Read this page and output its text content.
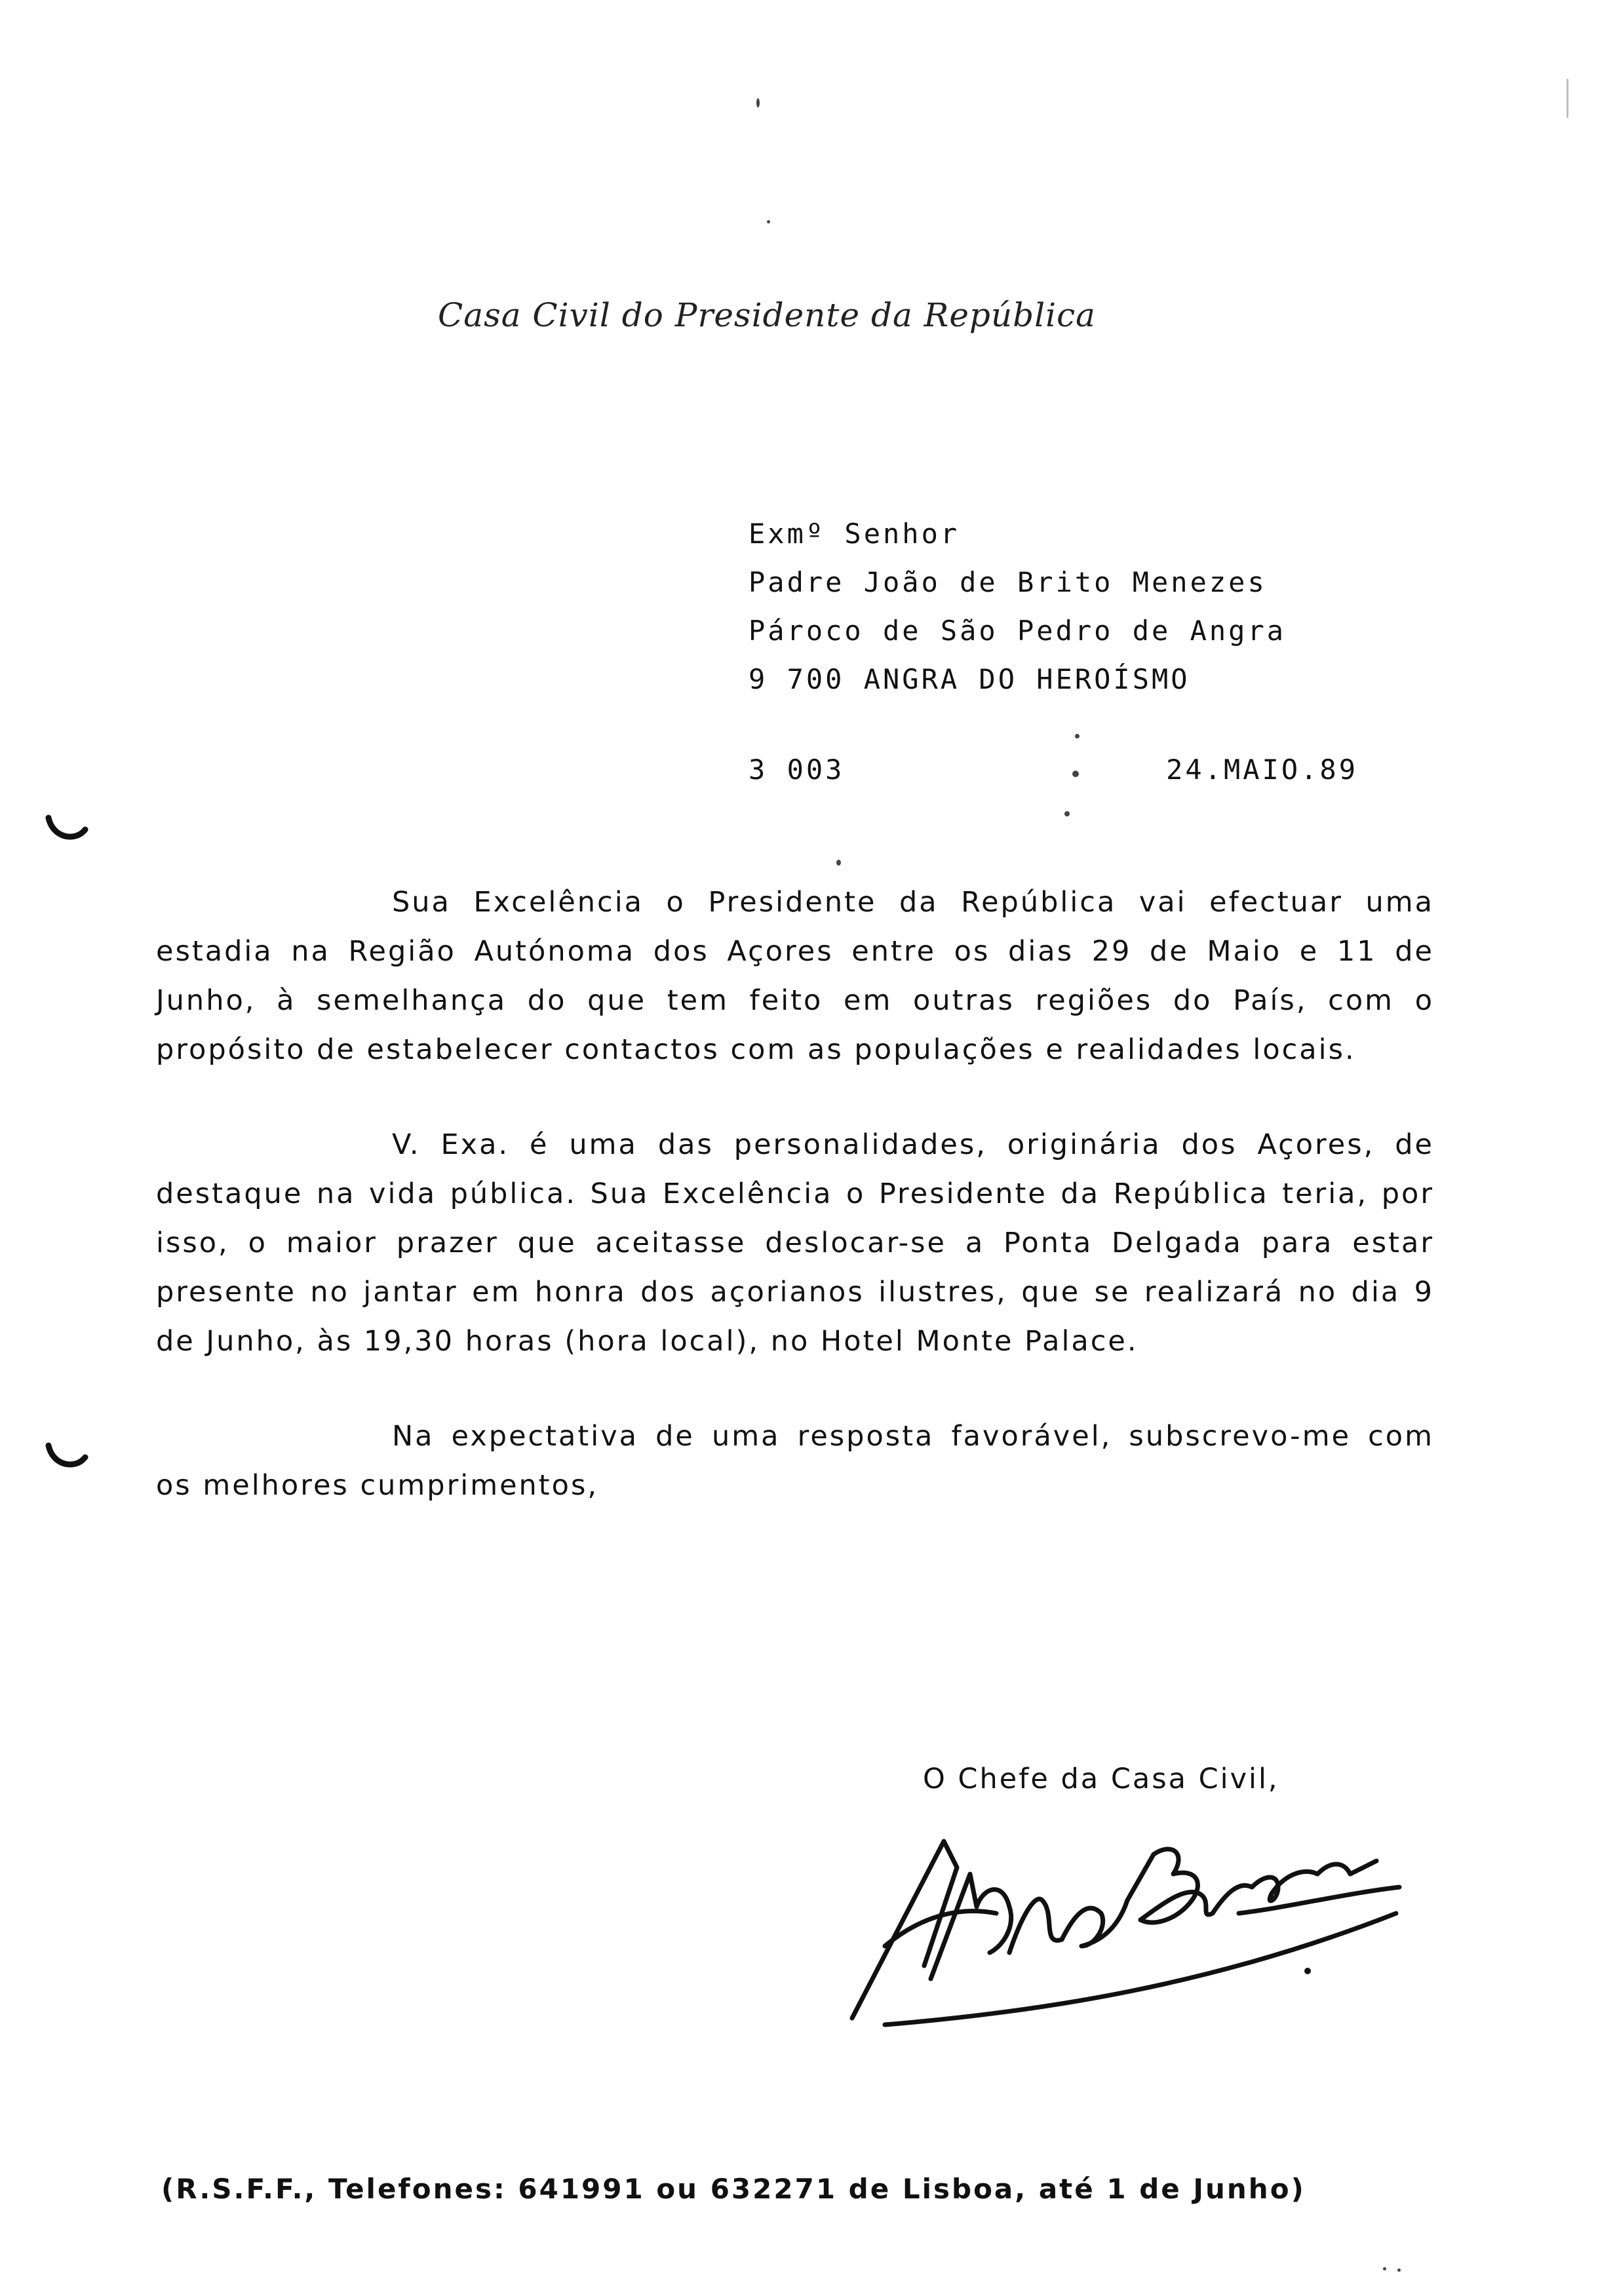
Casa Civil do Presidente da República
Exmº Senhor
Padre João de Brito Menezes
Pároco de São Pedro de Angra
9 700 ANGRA DO HEROÍSMO
3 003	24.MAIO.89

Sua Excelência o Presidente da República vai efectuar uma estadia na Região Autónoma dos Açores entre os dias 29 de Maio e 11 de Junho, à semelhança do que tem feito em outras regiões do País, com o propósito de estabelecer contactos com as populações e realidades locais.

V. Exa. é uma das personalidades, originária dos Açores, de destaque na vida pública. Sua Excelência o Presidente da República teria, por isso, o maior prazer que aceitasse deslocar-se a Ponta Delgada para estar presente no jantar em honra dos açorianos ilustres, que se realizará no dia 9 de Junho, às 19,30 horas (hora local), no Hotel Monte Palace.

Na expectativa de uma resposta favorável, subscrevo-me com os melhores cumprimentos,

O Chefe da Casa Civil,
(R.S.F.F., Telefones: 641991 ou 632271 de Lisboa, até 1 de Junho)
